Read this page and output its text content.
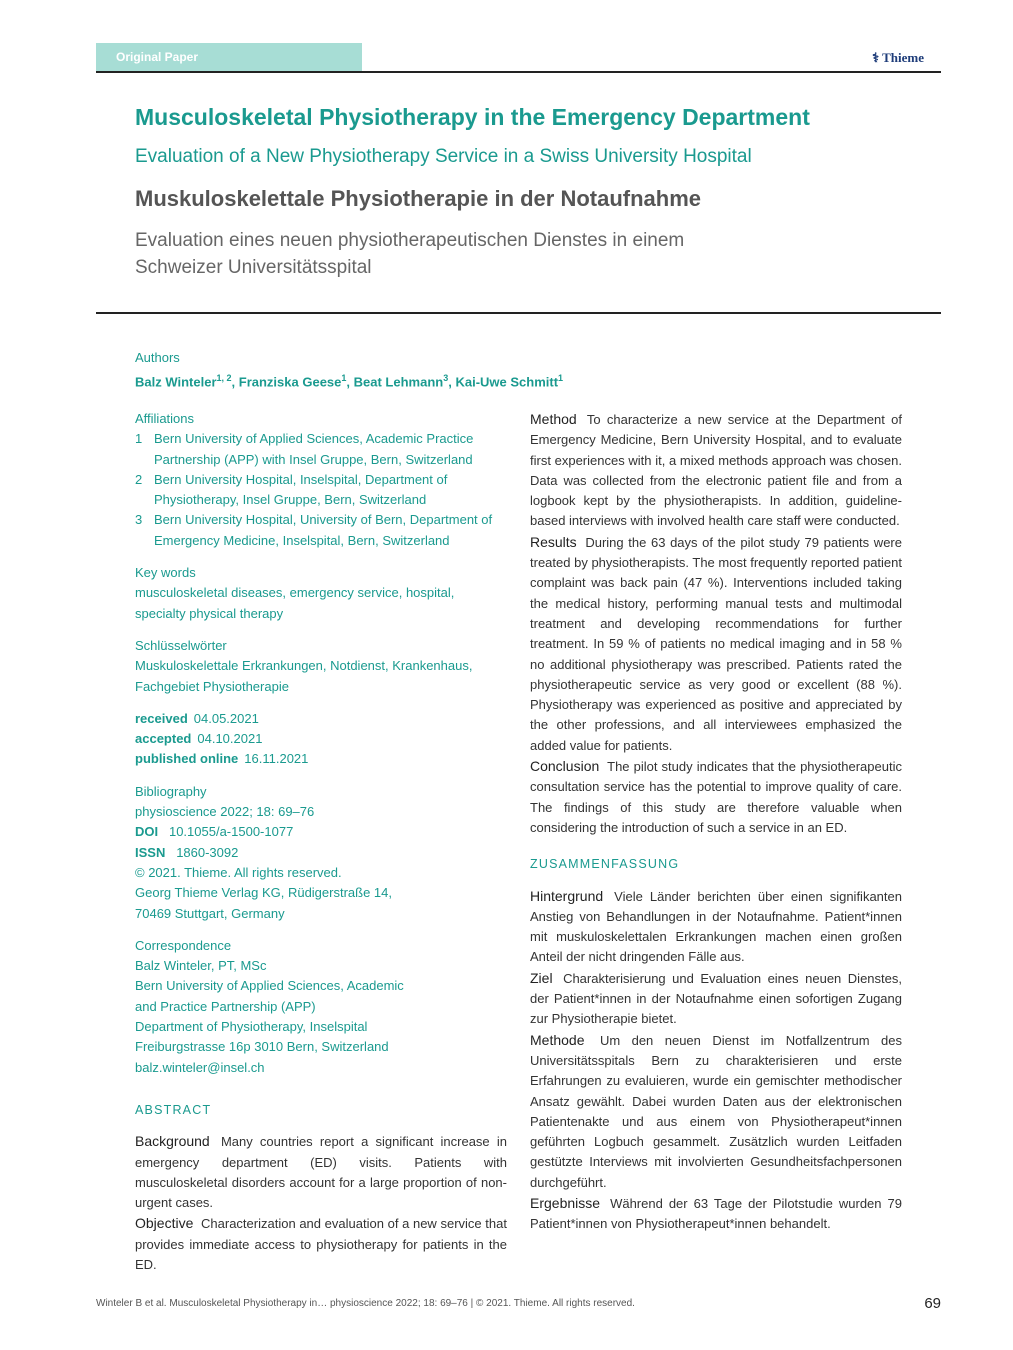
Original Paper	⚕ Thieme
Musculoskeletal Physiotherapy in the Emergency Department
Evaluation of a New Physiotherapy Service in a Swiss University Hospital
Muskuloskelettale Physiotherapie in der Notaufnahme
Evaluation eines neuen physiotherapeutischen Dienstes in einem
Schweizer Universitätsspital
Authors
Balz Winteler$^{1, 2}$, Franziska Geese$^1$, Beat Lehmann$^3$, Kai-Uwe Schmitt$^1$
Affiliations
1 Bern University of Applied Sciences, Academic Practice Partnership (APP) with Insel Gruppe, Bern, Switzerland
2 Bern University Hospital, Inselspital, Department of Physiotherapy, Insel Gruppe, Bern, Switzerland
3 Bern University Hospital, University of Bern, Department of Emergency Medicine, Inselspital, Bern, Switzerland
Key words
musculoskeletal diseases, emergency service, hospital,
specialty physical therapy
Schlüsselwörter
Muskuloskelettale Erkrankungen, Notdienst, Krankenhaus,
Fachgebiet Physiotherapie
received 04.05.2021
accepted 04.10.2021
published online 16.11.2021
Bibliography
physioscience 2022; 18: 69–76
DOI 10.1055/a-1500-1077
ISSN 1860-3092
© 2021. Thieme. All rights reserved.
Georg Thieme Verlag KG, Rüdigerstraße 14,
70469 Stuttgart, Germany
Correspondence
Balz Winteler, PT, MSc
Bern University of Applied Sciences, Academic
and Practice Partnership (APP)
Department of Physiotherapy, Inselspital
Freiburgstrasse 16p 3010 Bern, Switzerland
balz.winteler@insel.ch
ABSTRACT

Background Many countries report a significant increase in emergency department (ED) visits. Patients with musculoskeletal disorders account for a large proportion of non-urgent cases.

Objective Characterization and evaluation of a new service that provides immediate access to physiotherapy for patients in the ED.

Method To characterize a new service at the Department of Emergency Medicine, Bern University Hospital, and to evaluate first experiences with it, a mixed methods approach was chosen. Data was collected from the electronic patient file and from a logbook kept by the physiotherapists. In addition, guideline-based interviews with involved health care staff were conducted.

Results During the 63 days of the pilot study 79 patients were treated by physiotherapists. The most frequently reported patient complaint was back pain (47 %). Interventions included taking the medical history, performing manual tests and multimodal treatment and developing recommendations for further treatment. In 59 % of patients no medical imaging and in 58 % no additional physiotherapy was prescribed. Patients rated the physiotherapeutic service as very good or excellent (88 %). Physiotherapy was experienced as positive and appreciated by the other professions, and all interviewees emphasized the added value for patients.

Conclusion The pilot study indicates that the physiotherapeutic consultation service has the potential to improve quality of care. The findings of this study are therefore valuable when considering the introduction of such a service in an ED.

ZUSAMMENFASSUNG

Hintergrund Viele Länder berichten über einen signifikanten Anstieg von Behandlungen in der Notaufnahme. Patient*innen mit muskuloskelettalen Erkrankungen machen einen großen Anteil der nicht dringenden Fälle aus.

Ziel Charakterisierung und Evaluation eines neuen Dienstes, der Patient*innen in der Notaufnahme einen sofortigen Zugang zur Physiotherapie bietet.

Methode Um den neuen Dienst im Notfallzentrum des Universitätsspitals Bern zu charakterisieren und erste Erfahrungen zu evaluieren, wurde ein gemischter methodischer Ansatz gewählt. Dabei wurden Daten aus der elektronischen Patientenakte und aus einem von Physiotherapeut*innen geführten Logbuch gesammelt. Zusätzlich wurden Leitfaden gestützte Interviews mit involvierten Gesundheitsfachpersonen durchgeführt.

Ergebnisse Während der 63 Tage der Pilotstudie wurden 79 Patient*innen von Physiotherapeut*innen behandelt.

Winteler B et al. Musculoskeletal Physiotherapy in… physioscience 2022; 18: 69–76 | © 2021. Thieme. All rights reserved.	69
